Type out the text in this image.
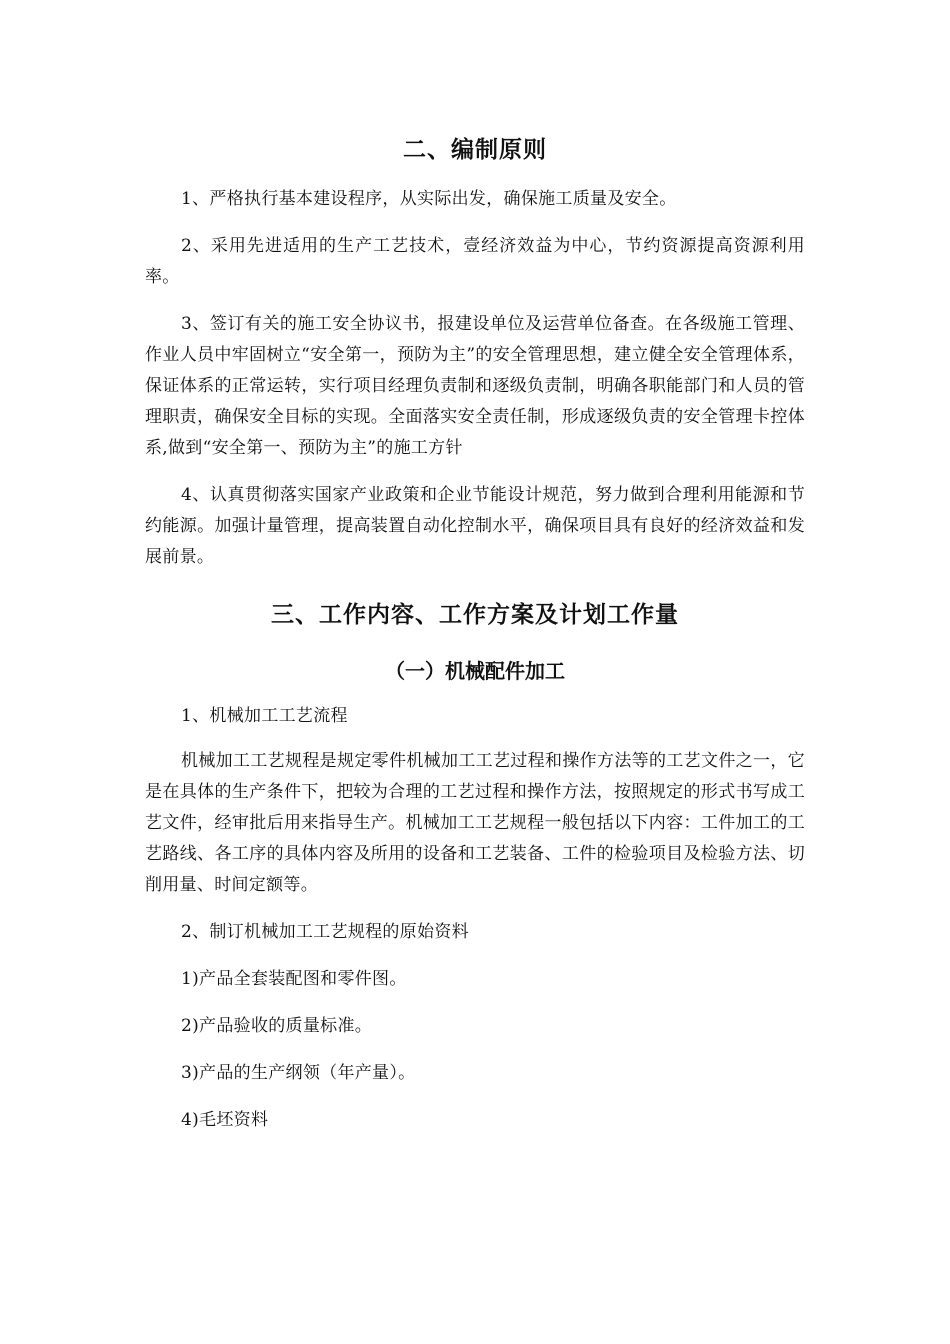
二、编制原则

1、严格执行基本建设程序，从实际出发，确保施工质量及安全。

2、采用先进适用的生产工艺技术，壹经济效益为中心，节约资源提高资源利用率。

3、签订有关的施工安全协议书，报建设单位及运营单位备查。在各级施工管理、作业人员中牢固树立“安全第一，预防为主”的安全管理思想，建立健全安全管理体系，保证体系的正常运转，实行项目经理负责制和逐级负责制，明确各职能部门和人员的管理职责，确保安全目标的实现。全面落实安全责任制，形成逐级负责的安全管理卡控体系,做到“安全第一、预防为主”的施工方针

4、认真贯彻落实国家产业政策和企业节能设计规范，努力做到合理利用能源和节约能源。加强计量管理，提高装置自动化控制水平，确保项目具有良好的经济效益和发展前景。

三、工作内容、工作方案及计划工作量
（一）机械配件加工

1、机械加工工艺流程

机械加工工艺规程是规定零件机械加工工艺过程和操作方法等的工艺文件之一，它是在具体的生产条件下，把较为合理的工艺过程和操作方法，按照规定的形式书写成工艺文件，经审批后用来指导生产。机械加工工艺规程一般包括以下内容：工件加工的工艺路线、各工序的具体内容及所用的设备和工艺装备、工件的检验项目及检验方法、切削用量、时间定额等。

2、制订机械加工工艺规程的原始资料

1)产品全套装配图和零件图。

2)产品验收的质量标准。

3)产品的生产纲领（年产量）。

4)毛坯资料
